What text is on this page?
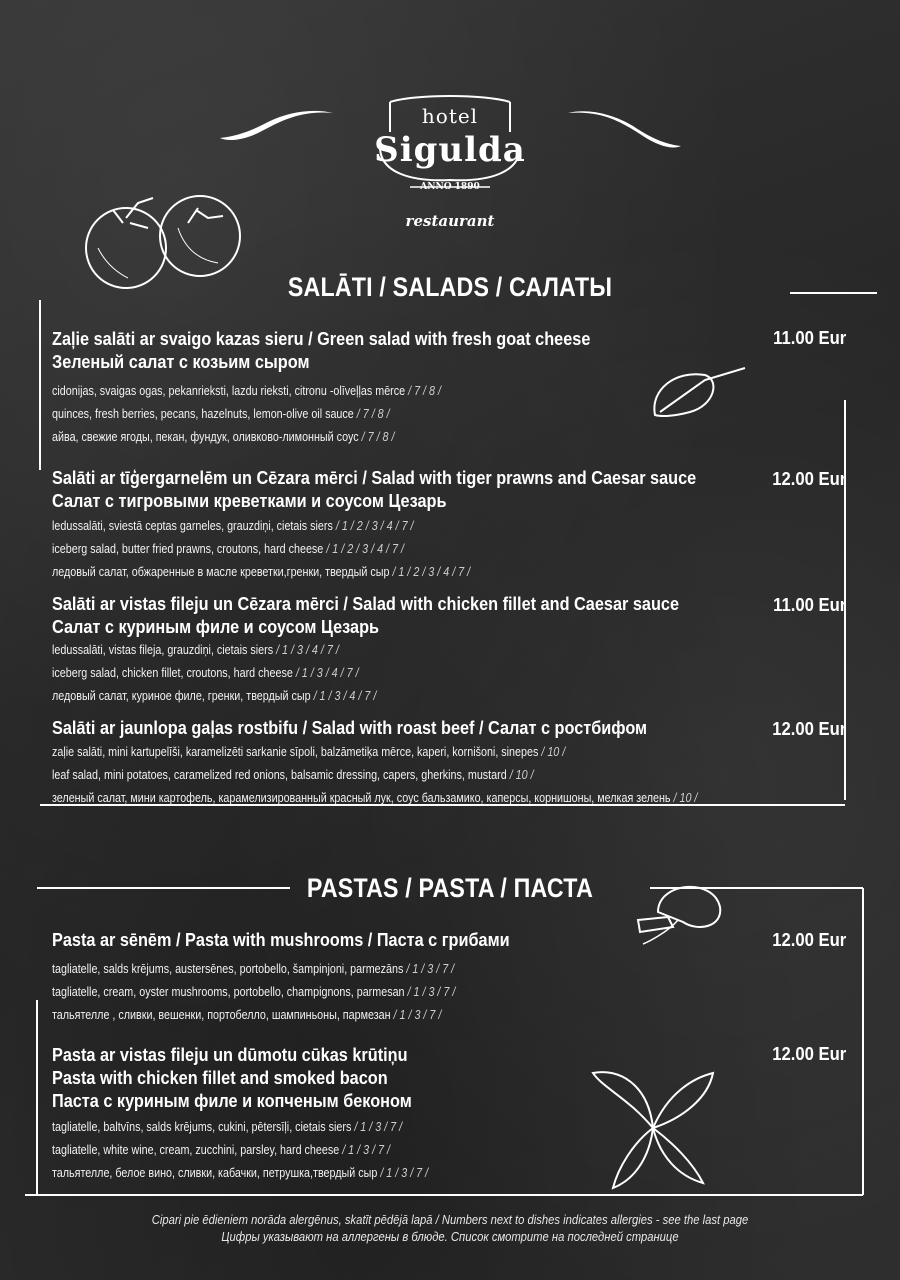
hotel
Sigulda
ANNO 1890
restaurant
SALĀTI / SALADS / САЛАТЫ
Zaļie salāti ar svaigo kazas sieru / Green salad with fresh goat cheese
Зеленый салат с козьим сыром
11.00 Eur
cidonijas, svaigas ogas, pekanrieksti, lazdu rieksti, citronu -olīveļļas mērce / 7 / 8 /
quinces, fresh berries, pecans, hazelnuts, lemon-olive oil sauce / 7 / 8 /
айва, свежие ягоды, пекан, фундук, оливково-лимонный соус / 7 / 8 /
Salāti ar tīģergarnelēm un Cēzara mērci / Salad with tiger prawns and Caesar sauce
Салат с тигровыми креветками и соусом Цезарь
12.00 Eur
ledussalāti, sviestā ceptas garneles, grauzdiņi, cietais siers / 1 / 2 / 3 / 4 / 7 /
iceberg salad, butter fried prawns, croutons, hard cheese / 1 / 2 / 3 / 4 / 7 /
ледовый салат, обжаренные в масле креветки,гренки, твердый сыр / 1 / 2 / 3 / 4 / 7 /
Salāti ar vistas fileju un Cēzara mērci / Salad with chicken fillet and Caesar sauce
Салат с куриным филе и соусом Цезарь
11.00 Eur
ledussalāti, vistas fileja, grauzdiņi, cietais siers / 1 / 3 / 4 / 7 /
iceberg salad, chicken fillet, croutons, hard cheese / 1 / 3 / 4 / 7 /
ледовый салат, куриное филе, гренки, твердый сыр / 1 / 3 / 4 / 7 /
Salāti ar jaunlopa gaļas rostbifu / Salad with roast beef / Салат с ростбифом	12.00 Eur
zaļie salāti, mini kartupelīši, karamelizēti sarkanie sīpoli, balzāmetiķa mērce, kaperi, kornišoni, sinepes / 10 /
leaf salad, mini potatoes, caramelized red onions, balsamic dressing, capers, gherkins, mustard / 10 /
зеленый салат, мини картофель, карамелизированный красный лук, соус бальзамико, каперсы, корнишоны, мелкая зелень / 10 /
PASTAS / PASTA / ПАСТА
Pasta ar sēnēm / Pasta with mushrooms / Паста с грибами	12.00 Eur
tagliatelle, salds krējums, austersēnes, portobello, šampinjoni, parmezāns / 1 / 3 / 7 /
tagliatelle, cream, oyster mushrooms, portobello, champignons, parmesan / 1 / 3 / 7 /
тальятелле , сливки, вешенки, портобелло, шампиньоны, пармезан / 1 / 3 / 7 /
Pasta ar vistas fileju un dūmotu cūkas krūtiņu
Pasta with chicken fillet and smoked bacon
Паста с куриным филе и копченым беконом
12.00 Eur
tagliatelle, baltvīns, salds krējums, cukini, pētersīļi, cietais siers / 1 / 3 / 7 /
tagliatelle, white wine, cream, zucchini, parsley, hard cheese / 1 / 3 / 7 /
тальятелле, белое вино, сливки, кабачки, петрушка,твердый сыр / 1 / 3 / 7 /
Cipari pie ēdieniem norāda alergēnus, skatīt pēdējā lapā / Numbers next to dishes indicates allergies - see the last page
Цифры указывают на аллергены в блюде. Список смотрите на последней странице
